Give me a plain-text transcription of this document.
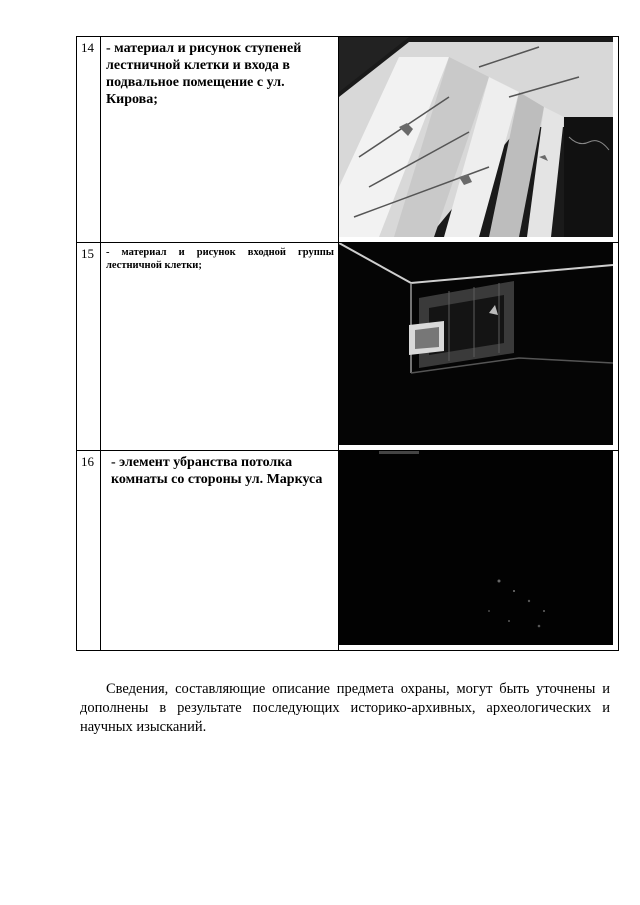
14	- материал и рисунок ступеней лестничной клетки и входа в подвальное помещение с ул. Кирова;

15	- материал и рисунок входной группы лестничной клетки;

16	- элемент убранства потолка комнаты со стороны ул. Маркуса

Сведения, составляющие описание предмета охраны, могут быть уточнены и дополнены в результате последующих историко-архивных, археологических и научных изысканий.
